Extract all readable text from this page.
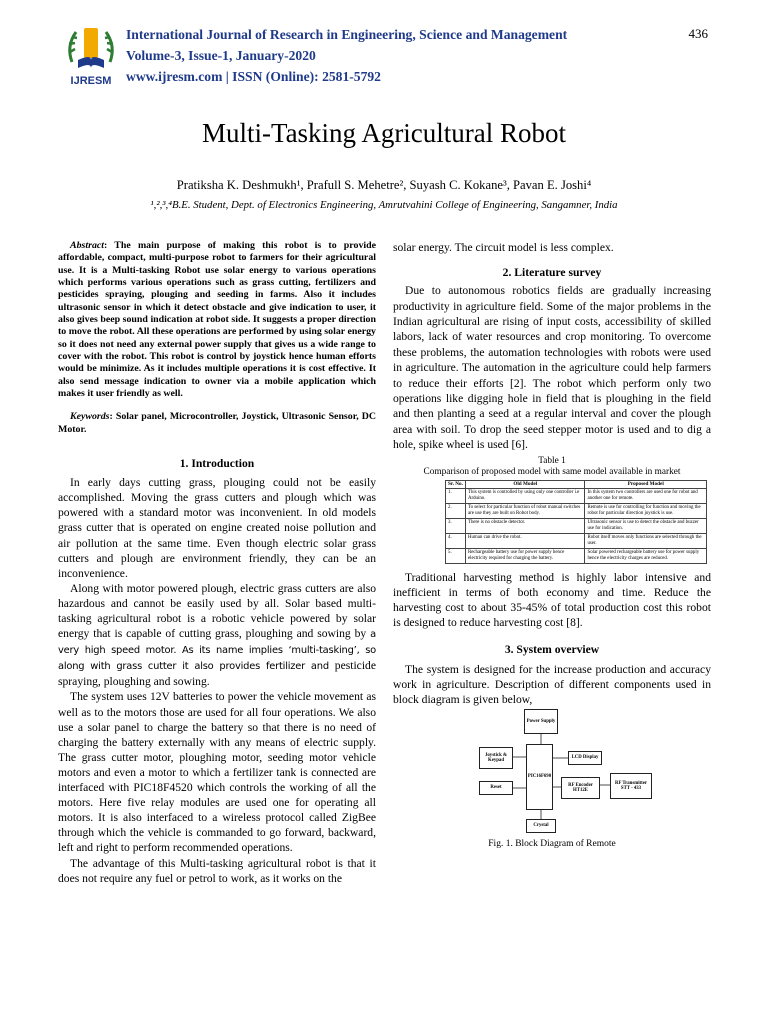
IJRESM
International Journal of Research in Engineering, Science and Management
Volume-3, Issue-1, January-2020
www.ijresm.com | ISSN (Online): 2581-5792
436
Multi-Tasking Agricultural Robot
Pratiksha K. Deshmukh¹, Prafull S. Mehetre², Suyash C. Kokane³, Pavan E. Joshi⁴
¹,²,³,⁴B.E. Student, Dept. of Electronics Engineering, Amrutvahini College of Engineering, Sangamner, India

Abstract: The main purpose of making this robot is to provide affordable, compact, multi-purpose robot to farmers for their agricultural use. It is a Multi-tasking Robot use solar energy to various operations which performs various operations such as grass cutting, fertilizers and pesticides spraying, plouging and seeding in farms. Also it includes ultrasonic sensor in which it detect obstacle and give indication to user, it also gives beep sound indication at robot side. It suggests a proper direction to move the robot. All these operations are performed by using solar energy so it does not need any external power supply that gives us a wide range to cover with the robot. This robot is control by joystick hence human efforts would be minimize. As it includes multiple operations it is cost effective. It also send message indication to owner via a mobile application which makes it user friendly as well.

Keywords: Solar panel, Microcontroller, Joystick, Ultrasonic Sensor, DC Motor.

1. Introduction

In early days cutting grass, plouging could not be easily accomplished. Moving the grass cutters and plough which was powered with a standard motor was inconvenient. In old models grass cutter that is operated on engine created noise pollution and air pollution at the same time. Even though electric solar grass cutters and plough are environment friendly, they can be an inconvenience.

Along with motor powered plough, electric grass cutters are also hazardous and cannot be easily used by all. Solar based multi-tasking agricultural robot is a robotic vehicle powered by solar energy that is capable of cutting grass, ploughing and sowing by a very high speed motor. As its name implies ‘multi-tasking’, so along with grass cutter it also provides fertilizer and pesticide spraying, ploughing and sowing.

The system uses 12V batteries to power the vehicle movement as well as to the motors those are used for all four operations. We also use a solar panel to charge the battery so that there is no need of charging the battery externally with any means of electric supply. The grass cutter motor, ploughing motor, seeding motor vehicle motors and even a motor to which a fertilizer tank is connected are interfaced with PIC18F4520 which controls the working of all the motors. Here five relay modules are used one for operating all motors. It is also interfaced to a wireless protocol called ZigBee through which the vehicle is commanded to go forward, backward, left and right to perform recommended operations.

The advantage of this Multi-tasking agricultural robot is that it does not require any fuel or petrol to work, as it works on the

solar energy. The circuit model is less complex.

2. Literature survey

Due to autonomous robotics fields are gradually increasing productivity in agriculture field. Some of the major problems in the Indian agricultural are rising of input costs, accessibility of skilled labors, lack of water resources and crop monitoring. To overcome these problems, the automation technologies with robots were used in agriculture. The automation in the agriculture could help farmers to reduce their efforts [2]. The robot which perform only two operations like digging hole in field that is ploughing in the field and then planting a seed at a regular interval and cover the plough area with soil. To drop the seed stepper motor is used and to dig a hole, spike wheel is used [6].

Table 1
Comparison of proposed model with same model available in market
Sr. No.	Old Model	Proposed Model
1.	This system is controlled by using only one controller i.e Arduino.	In this system two controllers are used one for robot and another one for remote.
2.	To select for particular function of robot manual switches are use they are built on Robot body.	Remote is use for controlling for function and moving the robot for particular direction joystick is use.
3.	There is no obstacle detector.	Ultrasonic sensor is use to detect the obstacle and buzzer use for indication.
4.	Human can drive the robot.	Robot itself moves only functions are selected through the user.
5.	Rechargeable battery use for power supply hence electricity required for charging the battery.	Solar powered rechargeable battery use for power supply hence the electricity charges are reduced.

Traditional harvesting method is highly labor intensive and inefficient in terms of both economy and time. Reduce the harvesting cost to about 35-45% of total production cost this robot is designed to reduce harvesting cost [8].

3. System overview

The system is designed for the increase production and accuracy work in agriculture. Description of different components used in block diagram is given below,

Power Supply
Joystick & Keypad
Reset
PIC16F690
LCD Display
RF Encoder HT12E
RF Transmitter STT - 433
Crystal
Fig. 1. Block Diagram of Remote
